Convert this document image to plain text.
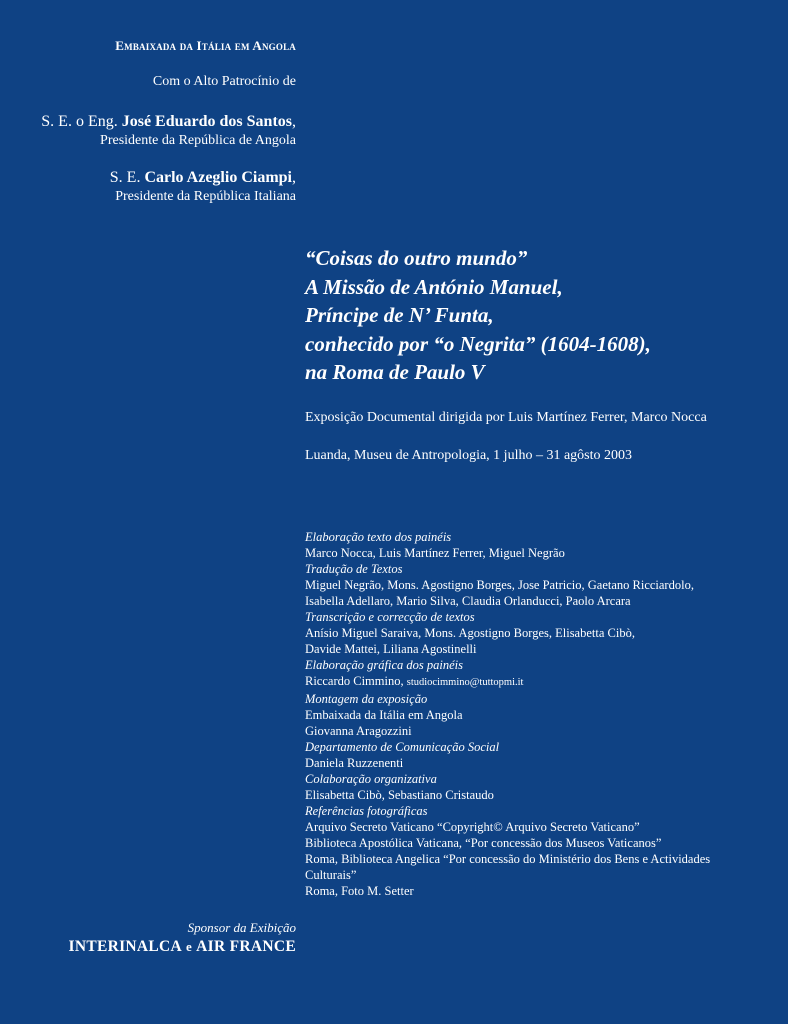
Embaixada da Itália em Angola
Com o Alto Patrocínio de
S. E. o Eng. José Eduardo dos Santos,
Presidente da República de Angola
S. E. Carlo Azeglio Ciampi,
Presidente da República Italiana
“Coisas do outro mundo”
A Missão de António Manuel,
Príncipe de N’ Funta,
conhecido por “o Negrita” (1604-1608),
na Roma de Paulo V
Exposição Documental dirigida por Luis Martínez Ferrer, Marco Nocca
Luanda, Museu de Antropologia, 1 julho – 31 agôsto 2003
Elaboração texto dos painéis
Marco Nocca, Luis Martínez Ferrer, Miguel Negrão
Tradução de Textos
Miguel Negrão, Mons. Agostigno Borges, Jose Patricio, Gaetano Ricciardolo,
Isabella Adellaro, Mario Silva, Claudia Orlanducci, Paolo Arcara
Transcrição e correcção de textos
Anísio Miguel Saraiva, Mons. Agostigno Borges, Elisabetta Cibò,
Davide Mattei, Liliana Agostinelli
Elaboração gráfica dos painéis
Riccardo Cimmino, studiocimmino@tuttopmi.it
Montagem da exposição
Embaixada da Itália em Angola
Giovanna Aragozzini
Departamento de Comunicação Social
Daniela Ruzzenenti
Colaboração organizativa
Elisabetta Cibò, Sebastiano Cristaudo
Referências fotográficas
Arquivo Secreto Vaticano “Copyright© Arquivo Secreto Vaticano”
Biblioteca Apostólica Vaticana, “Por concessão dos Museos Vaticanos”
Roma, Biblioteca Angelica “Por concessão do Ministério dos Bens e Actividades
Culturais”
Roma, Foto M. Setter
Sponsor da Exibição
INTERINALCA e AIR FRANCE
